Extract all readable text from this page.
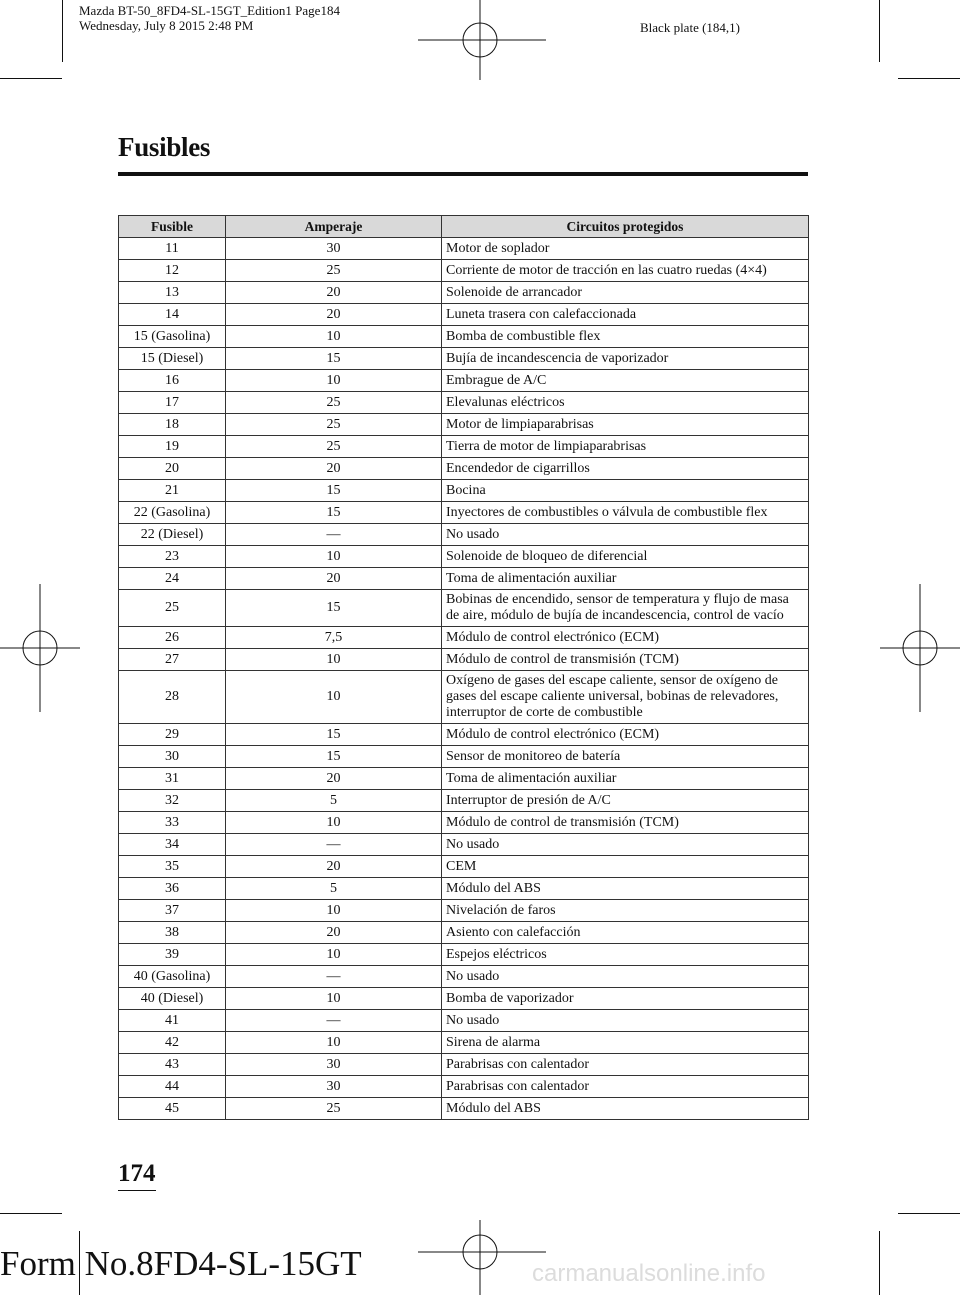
Mazda BT-50_8FD4-SL-15GT_Edition1 Page184
Wednesday, July 8 2015 2:48 PM	Black plate (184,1)
Fusibles
Fusible	Amperaje	Circuitos protegidos
11	30	Motor de soplador
12	25	Corriente de motor de tracción en las cuatro ruedas (4×4)
13	20	Solenoide de arrancador
14	20	Luneta trasera con calefaccionada
15 (Gasolina)	10	Bomba de combustible flex
15 (Diesel)	15	Bujía de incandescencia de vaporizador
16	10	Embrague de A/C
17	25	Elevalunas eléctricos
18	25	Motor de limpiaparabrisas
19	25	Tierra de motor de limpiaparabrisas
20	20	Encendedor de cigarrillos
21	15	Bocina
22 (Gasolina)	15	Inyectores de combustibles o válvula de combustible flex
22 (Diesel)	―	No usado
23	10	Solenoide de bloqueo de diferencial
24	20	Toma de alimentación auxiliar
25	15	Bobinas de encendido, sensor de temperatura y flujo de masa de aire, módulo de bujía de incandescencia, control de vacío
26	7,5	Módulo de control electrónico (ECM)
27	10	Módulo de control de transmisión (TCM)
28	10	Oxígeno de gases del escape caliente, sensor de oxígeno de gases del escape caliente universal, bobinas de relevadores, interruptor de corte de combustible
29	15	Módulo de control electrónico (ECM)
30	15	Sensor de monitoreo de batería
31	20	Toma de alimentación auxiliar
32	5	Interruptor de presión de A/C
33	10	Módulo de control de transmisión (TCM)
34	―	No usado
35	20	CEM
36	5	Módulo del ABS
37	10	Nivelación de faros
38	20	Asiento con calefacción
39	10	Espejos eléctricos
40 (Gasolina)	―	No usado
40 (Diesel)	10	Bomba de vaporizador
41	―	No usado
42	10	Sirena de alarma
43	30	Parabrisas con calentador
44	30	Parabrisas con calentador
45	25	Módulo del ABS
174
Form No.8FD4-SL-15GT	carmanualsonline.info
